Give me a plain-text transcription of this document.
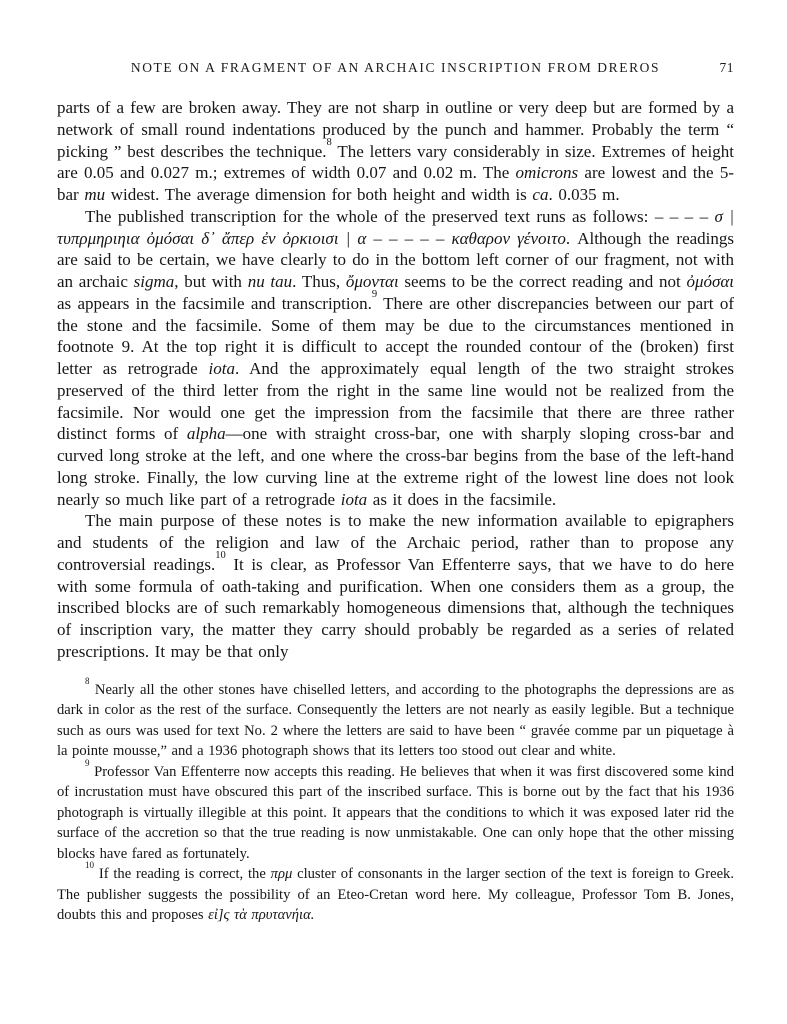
NOTE ON A FRAGMENT OF AN ARCHAIC INSCRIPTION FROM DREROS	71

parts of a few are broken away. They are not sharp in outline or very deep but are formed by a network of small round indentations produced by the punch and hammer. Probably the term “ picking ” best describes the technique.$^8$ The letters vary considerably in size. Extremes of height are 0.05 and 0.027 m.; extremes of width 0.07 and 0.02 m. The omicrons are lowest and the 5-bar mu widest. The average dimension for both height and width is ca. 0.035 m.

The published transcription for the whole of the preserved text runs as follows: – – – – σ | τυπρμηριηια ὀμόσαι δ᾽ ἄπερ ἐν ὀρκιοισι | α – – – – – καθαρον γένοιτο. Although the readings are said to be certain, we have clearly to do in the bottom left corner of our fragment, not with an archaic sigma, but with nu tau. Thus, ὄμονται seems to be the correct reading and not ὀμόσαι as appears in the facsimile and transcription.$^9$ There are other discrepancies between our part of the stone and the facsimile. Some of them may be due to the circumstances mentioned in footnote 9. At the top right it is difficult to accept the rounded contour of the (broken) first letter as retrograde iota. And the approximately equal length of the two straight strokes preserved of the third letter from the right in the same line would not be realized from the facsimile. Nor would one get the impression from the facsimile that there are three rather distinct forms of alpha—one with straight cross-bar, one with sharply sloping cross-bar and curved long stroke at the left, and one where the cross-bar begins from the base of the left-hand long stroke. Finally, the low curving line at the extreme right of the lowest line does not look nearly so much like part of a retrograde iota as it does in the facsimile.

The main purpose of these notes is to make the new information available to epigraphers and students of the religion and law of the Archaic period, rather than to propose any controversial readings.$^{10}$ It is clear, as Professor Van Effenterre says, that we have to do here with some formula of oath-taking and purification. When one considers them as a group, the inscribed blocks are of such remarkably homogeneous dimensions that, although the techniques of inscription vary, the matter they carry should probably be regarded as a series of related prescriptions. It may be that only

$^8$ Nearly all the other stones have chiselled letters, and according to the photographs the depressions are as dark in color as the rest of the surface. Consequently the letters are not nearly as easily legible. But a technique such as ours was used for text No. 2 where the letters are said to have been “ gravée comme par un piquetage à la pointe mousse,” and a 1936 photograph shows that its letters too stood out clear and white.

$^9$ Professor Van Effenterre now accepts this reading. He believes that when it was first discovered some kind of incrustation must have obscured this part of the inscribed surface. This is borne out by the fact that his 1936 photograph is virtually illegible at this point. It appears that the conditions to which it was exposed later rid the surface of the accretion so that the true reading is now unmistakable. One can only hope that the other missing blocks have fared as fortunately.

$^{10}$ If the reading is correct, the πρμ cluster of consonants in the larger section of the text is foreign to Greek. The publisher suggests the possibility of an Eteo-Cretan word here. My colleague, Professor Tom B. Jones, doubts this and proposes εἰ]ς τὰ πρυτανήια.
